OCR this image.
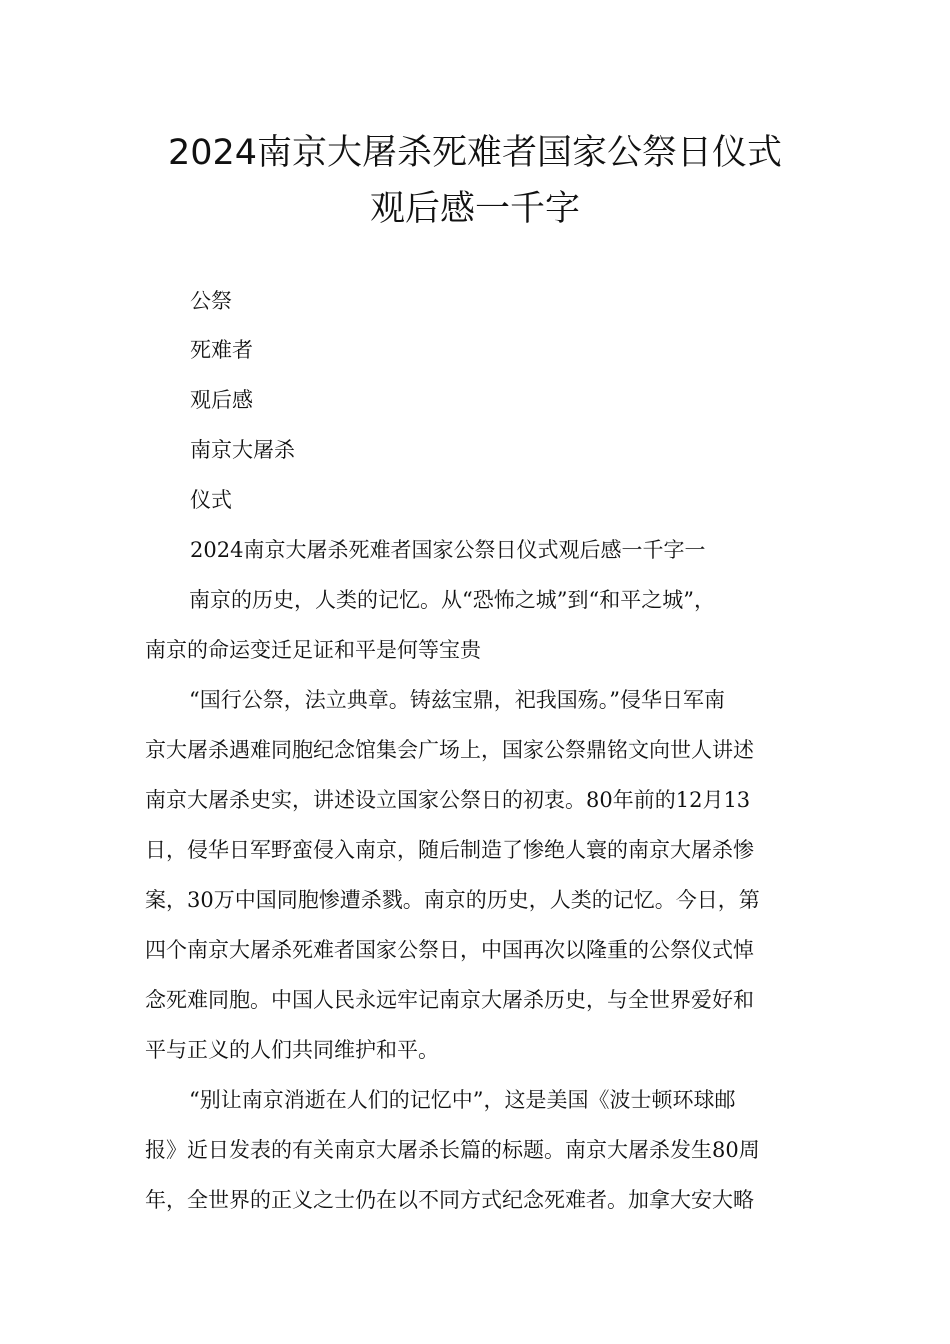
2024南京大屠杀死难者国家公祭日仪式
观后感一千字
公祭
死难者
观后感
南京大屠杀
仪式
2024南京大屠杀死难者国家公祭日仪式观后感一千字一
南京的历史，人类的记忆。从“恐怖之城”到“和平之城”，
南京的命运变迁足证和平是何等宝贵
“国行公祭，法立典章。铸兹宝鼎，祀我国殇。”侵华日军南
京大屠杀遇难同胞纪念馆集会广场上，国家公祭鼎铭文向世人讲述
南京大屠杀史实，讲述设立国家公祭日的初衷。80年前的12月13
日，侵华日军野蛮侵入南京，随后制造了惨绝人寰的南京大屠杀惨
案，30万中国同胞惨遭杀戮。南京的历史，人类的记忆。今日，第
四个南京大屠杀死难者国家公祭日，中国再次以隆重的公祭仪式悼
念死难同胞。中国人民永远牢记南京大屠杀历史，与全世界爱好和
平与正义的人们共同维护和平。
“别让南京消逝在人们的记忆中”，这是美国《波士顿环球邮
报》近日发表的有关南京大屠杀长篇的标题。南京大屠杀发生80周
年，全世界的正义之士仍在以不同方式纪念死难者。加拿大安大略
